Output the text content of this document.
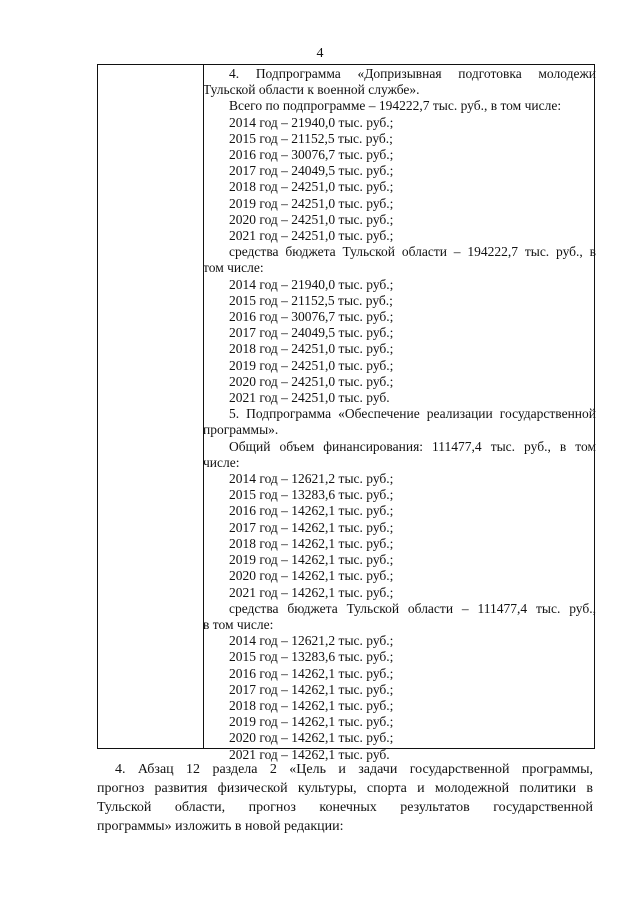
4

4. Подпрограмма «Допризывная подготовка молодежи

Тульской области к военной службе».

Всего по подпрограмме – 194222,7 тыс. руб., в том числе:

2014 год – 21940,0 тыс. руб.;

2015 год – 21152,5 тыс. руб.;

2016 год – 30076,7 тыс. руб.;

2017 год – 24049,5 тыс. руб.;

2018 год – 24251,0 тыс. руб.;

2019 год – 24251,0 тыс. руб.;

2020 год – 24251,0 тыс. руб.;

2021 год – 24251,0 тыс. руб.;

средства бюджета Тульской области – 194222,7 тыс. руб., в

том числе:

2014 год – 21940,0 тыс. руб.;

2015 год – 21152,5 тыс. руб.;

2016 год – 30076,7 тыс. руб.;

2017 год – 24049,5 тыс. руб.;

2018 год – 24251,0 тыс. руб.;

2019 год – 24251,0 тыс. руб.;

2020 год – 24251,0 тыс. руб.;

2021 год – 24251,0 тыс. руб.

5. Подпрограмма «Обеспечение реализации государственной

программы».

Общий объем финансирования: 111477,4 тыс. руб., в том

числе:

2014 год – 12621,2 тыс. руб.;

2015 год – 13283,6 тыс. руб.;

2016 год – 14262,1 тыс. руб.;

2017 год – 14262,1 тыс. руб.;

2018 год – 14262,1 тыс. руб.;

2019 год – 14262,1 тыс. руб.;

2020 год – 14262,1 тыс. руб.;

2021 год – 14262,1 тыс. руб.;

средства бюджета Тульской области – 111477,4 тыс. руб.,

в том числе:

2014 год – 12621,2 тыс. руб.;

2015 год – 13283,6 тыс. руб.;

2016 год – 14262,1 тыс. руб.;

2017 год – 14262,1 тыс. руб.;

2018 год – 14262,1 тыс. руб.;

2019 год – 14262,1 тыс. руб.;

2020 год – 14262,1 тыс. руб.;

2021 год – 14262,1 тыс. руб.

4. Абзац 12 раздела 2 «Цель и задачи государственной программы,

прогноз развития физической культуры, спорта и молодежной политики в

Тульской области, прогноз конечных результатов государственной

программы» изложить в новой редакции:
